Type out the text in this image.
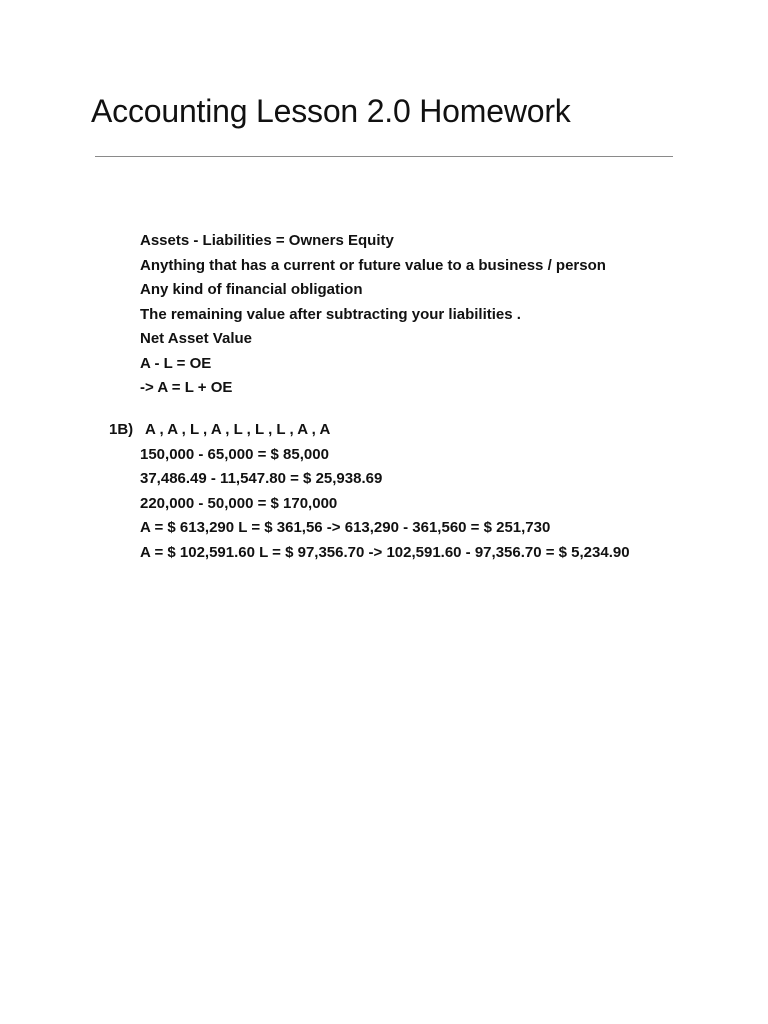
Accounting Lesson 2.0 Homework
Assets - Liabilities = Owners Equity
Anything that has a current or future value to a business / person
Any kind of financial obligation
The remaining value after subtracting your liabilities .
Net Asset Value
A - L = OE
-> A = L + OE
1B) A , A , L , A , L , L , L , A , A
150,000 - 65,000 = $ 85,000
37,486.49 - 11,547.80 = $ 25,938.69
220,000 - 50,000 = $ 170,000
A = $ 613,290 L = $ 361,56 -> 613,290 - 361,560 = $ 251,730
A = $ 102,591.60 L = $ 97,356.70 -> 102,591.60 - 97,356.70 = $ 5,234.90
